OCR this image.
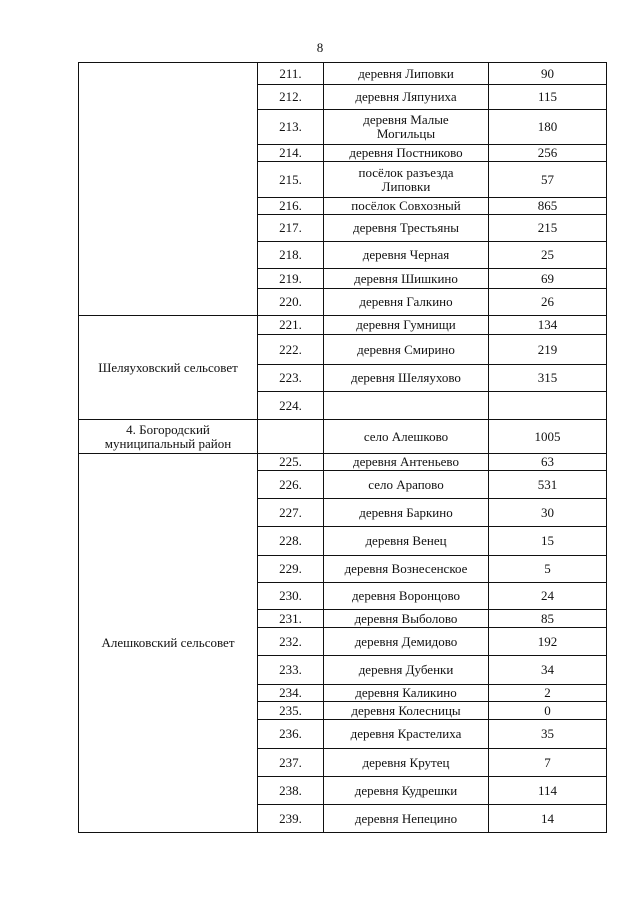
8
	211.	деревня Липовки	90
	212.	деревня Ляпуниха	115
	213.	деревня Малые Могильцы	180
	214.	деревня Постниково	256
	215.	посёлок разъезда Липовки	57
	216.	посёлок Совхозный	865
	217.	деревня Трестьяны	215
	218.	деревня Черная	25
	219.	деревня Шишкино	69
	220.	деревня Галкино	26
Шеляуховский сельсовет	221.	деревня Гумнищи	134
	222.	деревня Смирино	219
	223.	деревня Шеляухово	315
	224.		
4. Богородский муниципальный район		село Алешково	1005
Алешковский сельсовет	225.	деревня Антеньево	63
	226.	село Арапово	531
	227.	деревня Баркино	30
	228.	деревня Венец	15
	229.	деревня Вознесенское	5
	230.	деревня Воронцово	24
	231.	деревня Выболово	85
	232.	деревня Демидово	192
	233.	деревня Дубенки	34
	234.	деревня Каликино	2
	235.	деревня Колесницы	0
	236.	деревня Крастелиха	35
	237.	деревня Крутец	7
	238.	деревня Кудрешки	114
	239.	деревня Непецино	14
